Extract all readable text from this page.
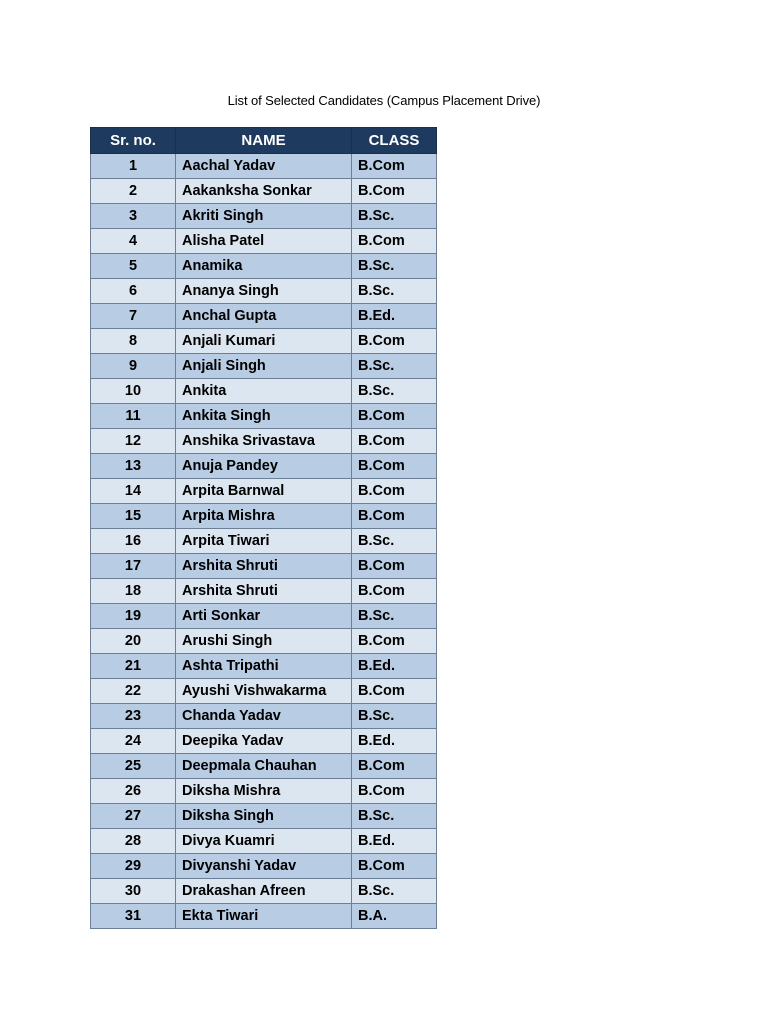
List of Selected Candidates (Campus Placement Drive)
Sr. no.	NAME	CLASS
1	Aachal Yadav	B.Com
2	Aakanksha Sonkar	B.Com
3	Akriti Singh	B.Sc.
4	Alisha Patel	B.Com
5	Anamika	B.Sc.
6	Ananya Singh	B.Sc.
7	Anchal Gupta	B.Ed.
8	Anjali Kumari	B.Com
9	Anjali Singh	B.Sc.
10	Ankita	B.Sc.
11	Ankita Singh	B.Com
12	Anshika Srivastava	B.Com
13	Anuja Pandey	B.Com
14	Arpita Barnwal	B.Com
15	Arpita Mishra	B.Com
16	Arpita Tiwari	B.Sc.
17	Arshita Shruti	B.Com
18	Arshita Shruti	B.Com
19	Arti Sonkar	B.Sc.
20	Arushi Singh	B.Com
21	Ashta Tripathi	B.Ed.
22	Ayushi Vishwakarma	B.Com
23	Chanda Yadav	B.Sc.
24	Deepika Yadav	B.Ed.
25	Deepmala Chauhan	B.Com
26	Diksha Mishra	B.Com
27	Diksha Singh	B.Sc.
28	Divya Kuamri	B.Ed.
29	Divyanshi Yadav	B.Com
30	Drakashan Afreen	B.Sc.
31	Ekta Tiwari	B.A.
